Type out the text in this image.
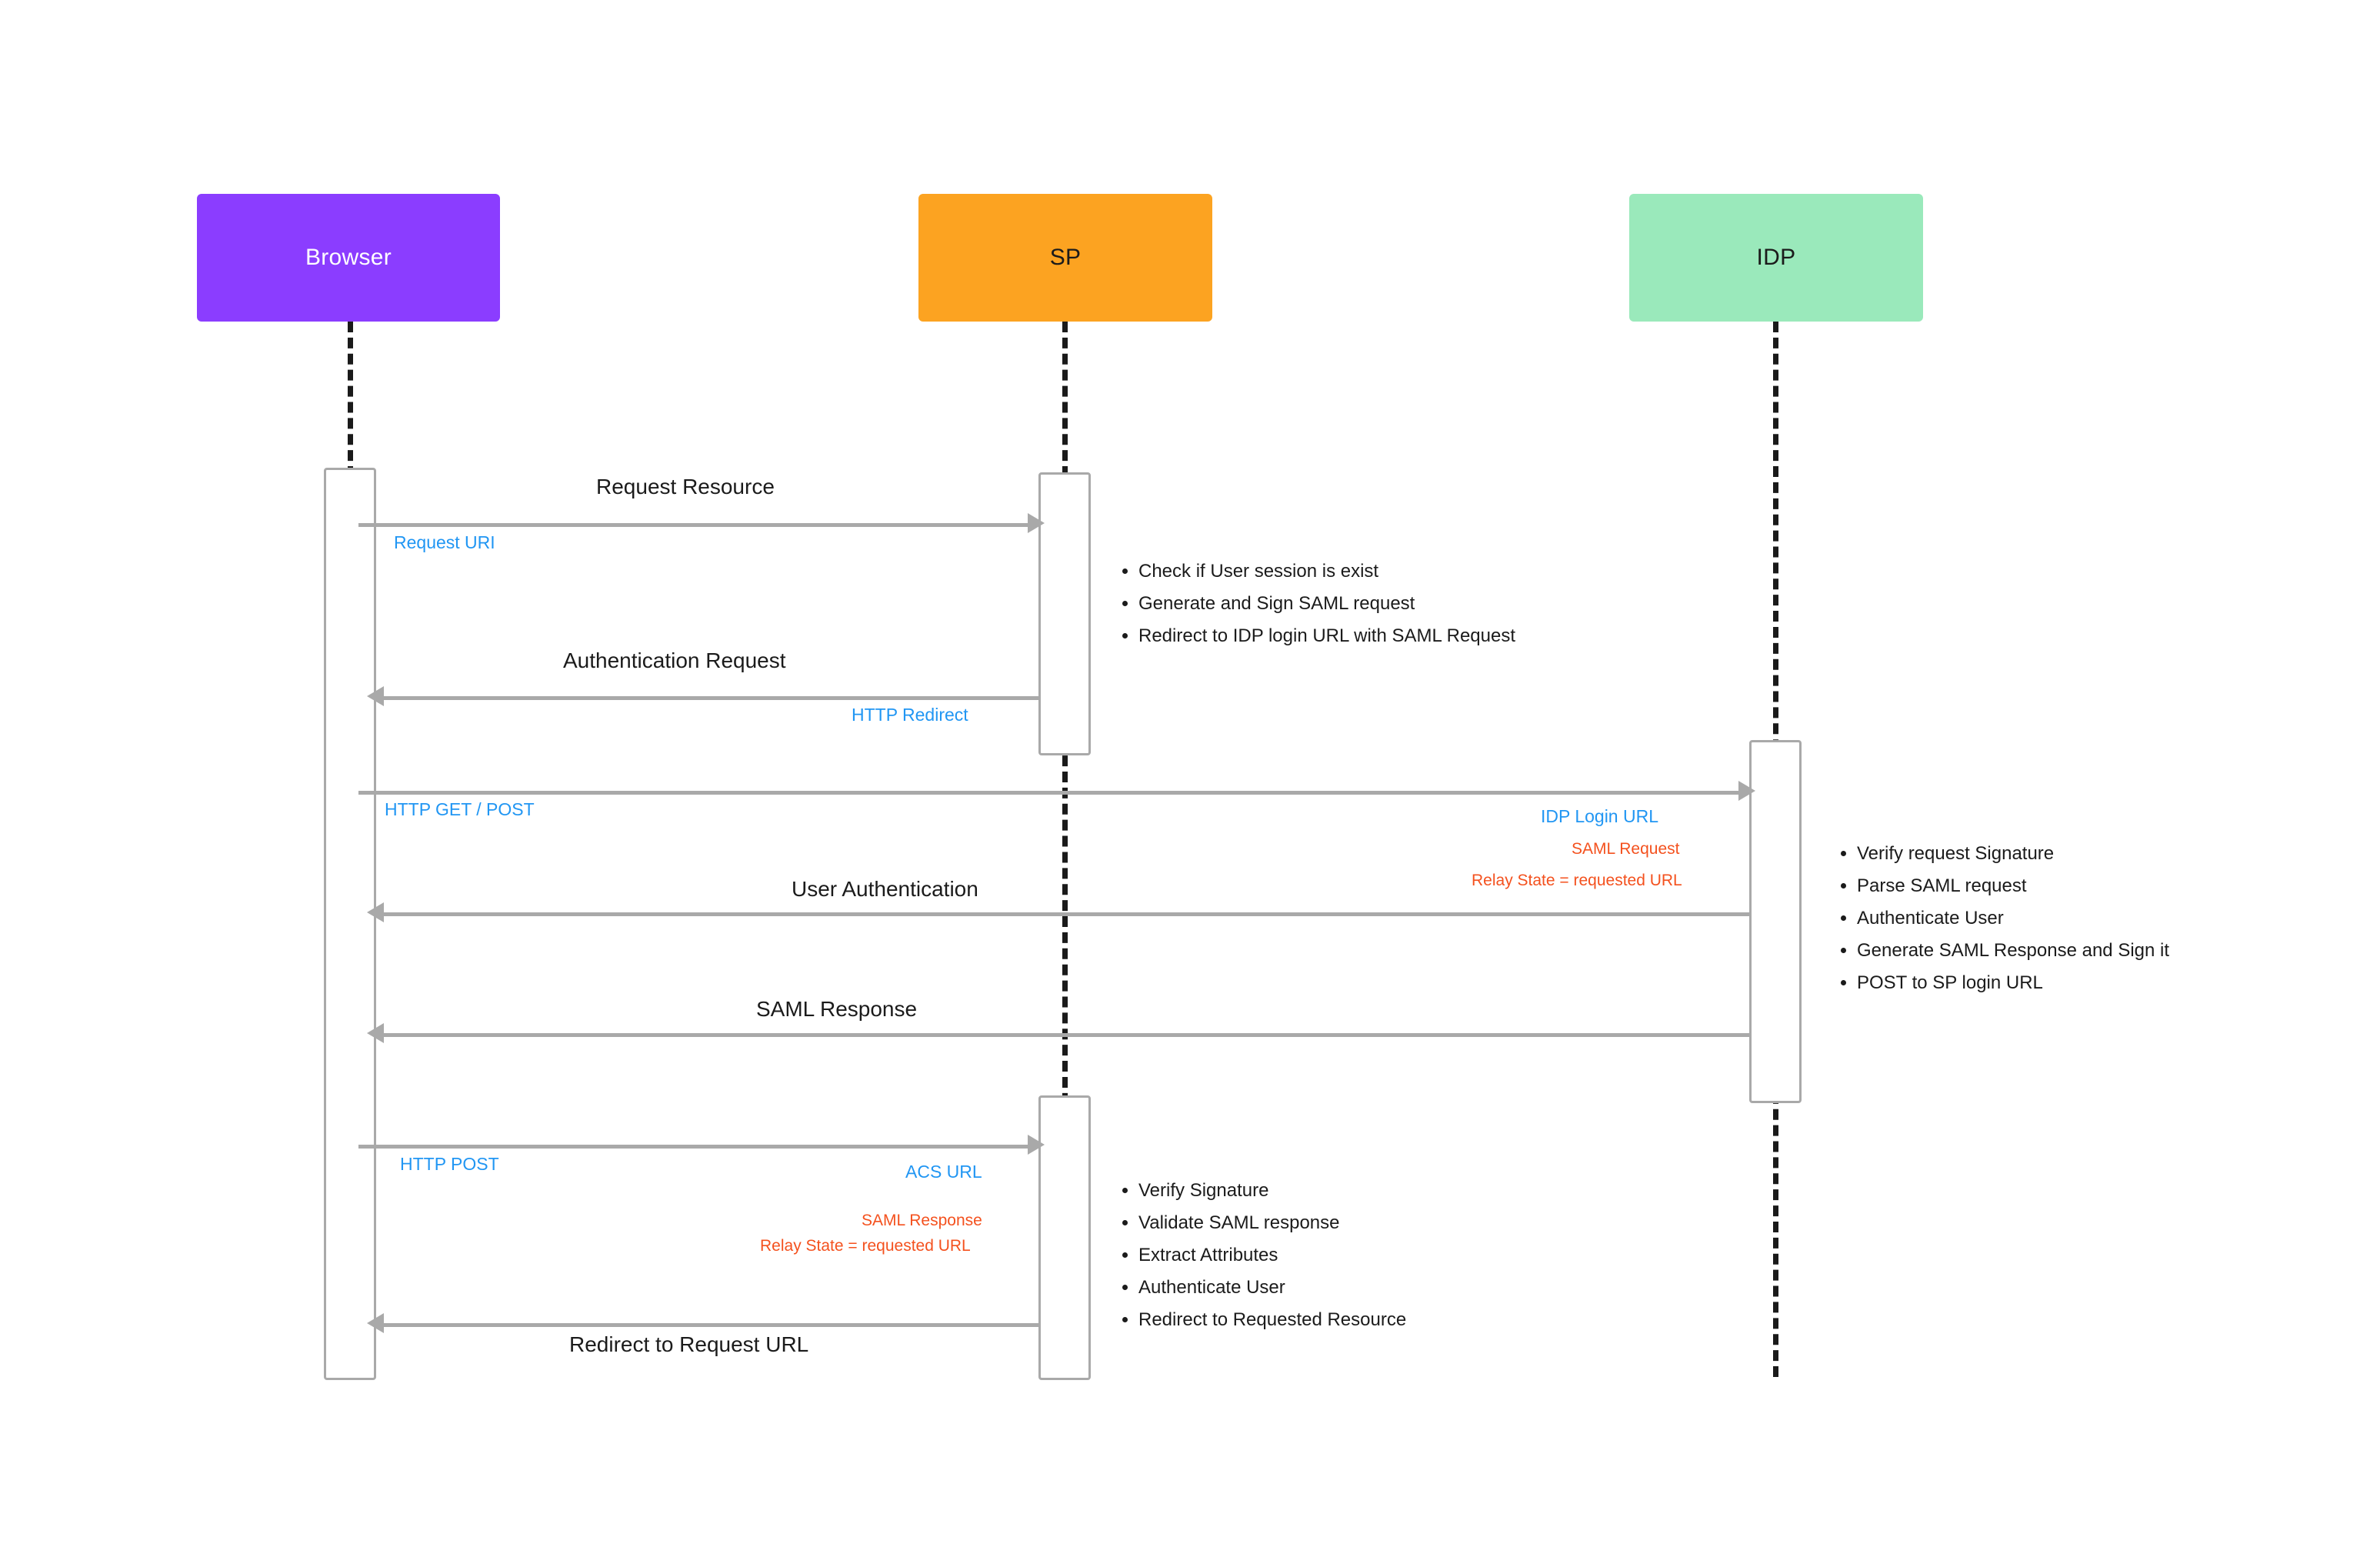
Browser	SP	IDP
Request Resource
Request URI
• Check if User session is exist
• Generate and Sign SAML request
• Redirect to IDP login URL with SAML Request
Authentication Request
HTTP Redirect
HTTP GET / POST	IDP Login URL
SAML Request
Relay State = requested URL
• Verify request Signature
• Parse SAML request
• Authenticate User
• Generate SAML Response and Sign it
• POST to SP login URL
User Authentication
SAML Response
HTTP POST	ACS URL
SAML Response
Relay State = requested URL
• Verify Signature
• Validate SAML response
• Extract Attributes
• Authenticate User
• Redirect to Requested Resource
Redirect to Request URL
